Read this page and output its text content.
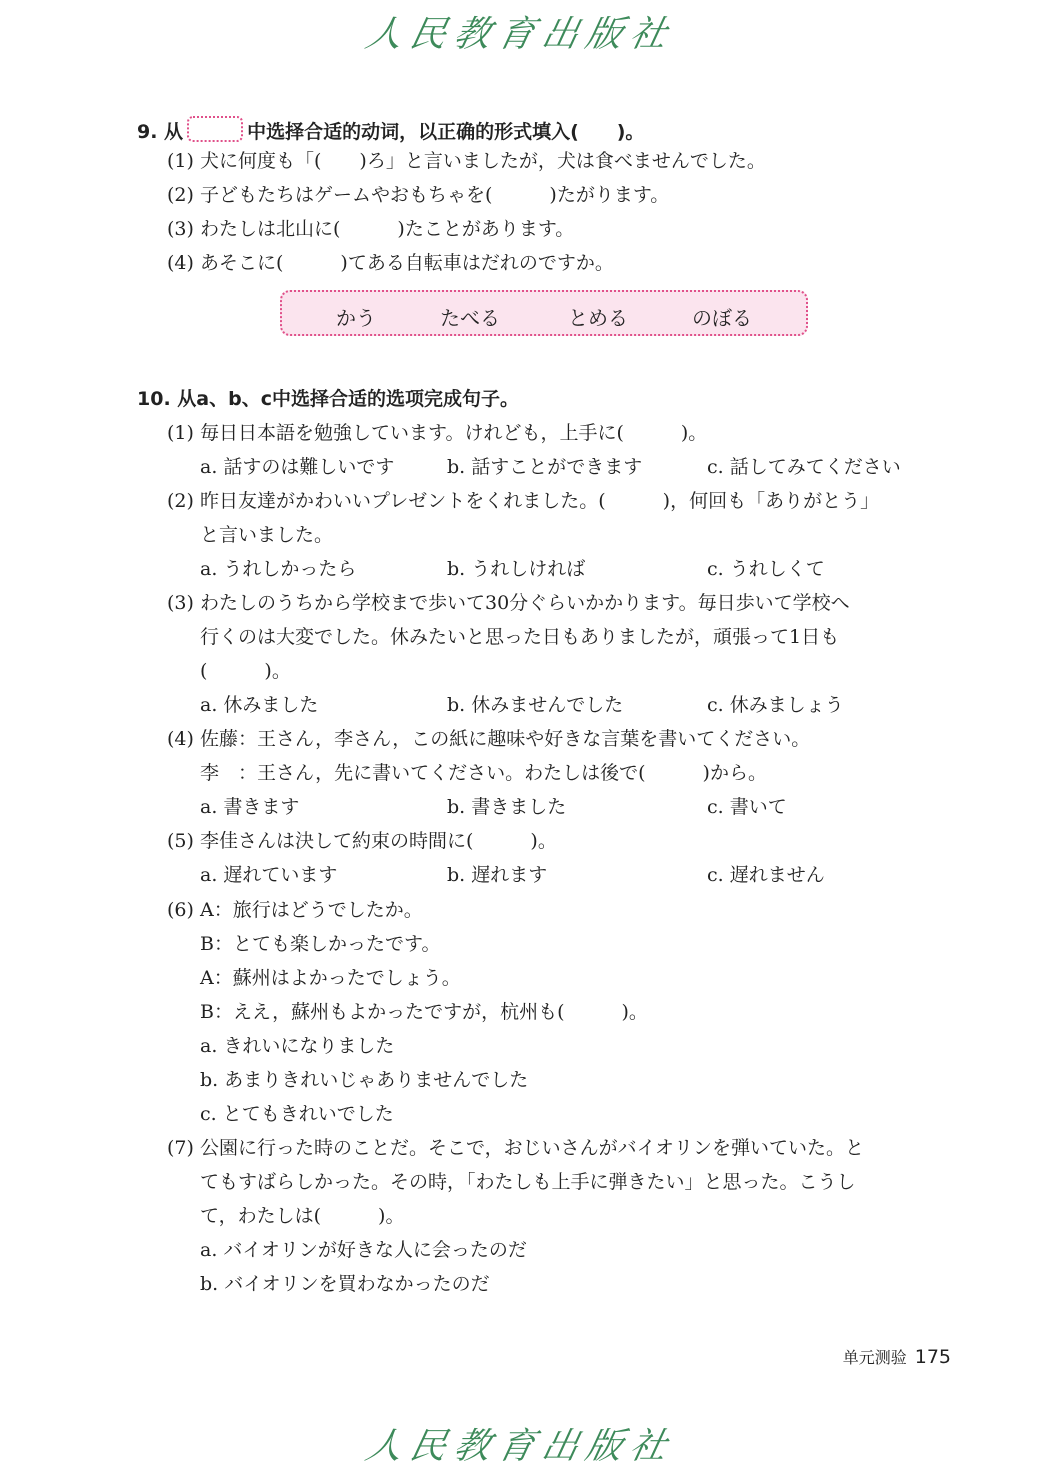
人民教育出版社
9. 从	中选择合适的动词，以正确的形式填入(　　)。
(1) 犬に何度も「(　　)ろ」と言いましたが，犬は食べませんでした。
(2) 子どもたちはゲームやおもちゃを(　　　)たがります。
(3) わたしは北山に(　　　)たことがあります。
(4) あそこに(　　　)てある自転車はだれのですか。
かう	たべる	とめる	のぼる
10. 从a、b、c中选择合适的选项完成句子。
(1) 毎日日本語を勉強しています。けれども，上手に(　　　)。
a. 話すのは難しいです	b. 話すことができます	c. 話してみてください
(2) 昨日友達がかわいいプレゼントをくれました。(　　　)，何回も「ありがとう」
と言いました。
a. うれしかったら	b. うれしければ	c. うれしくて
(3) わたしのうちから学校まで歩いて30分ぐらいかかります。毎日歩いて学校へ
行くのは大変でした。休みたいと思った日もありましたが，頑張って1日も
(　　　)。
a. 休みました	b. 休みませんでした	c. 休みましょう
(4) 佐藤：王さん，李さん，この紙に趣味や好きな言葉を書いてください。
李　：王さん，先に書いてください。わたしは後で(　　　)から。
a. 書きます	b. 書きました	c. 書いて
(5) 李佳さんは決して約束の時間に(　　　)。
a. 遅れています	b. 遅れます	c. 遅れません
(6) A：旅行はどうでしたか。
B：とても楽しかったです。
A：蘇州はよかったでしょう。
B：ええ，蘇州もよかったですが，杭州も(　　　)。
a. きれいになりました
b. あまりきれいじゃありませんでした
c. とてもきれいでした
(7) 公園に行った時のことだ。そこで，おじいさんがバイオリンを弾いていた。と
てもすばらしかった。その時，「わたしも上手に弾きたい」と思った。こうし
て，わたしは(　　　)。
a. バイオリンが好きな人に会ったのだ
b. バイオリンを買わなかったのだ
单元测验 175
人民教育出版社
